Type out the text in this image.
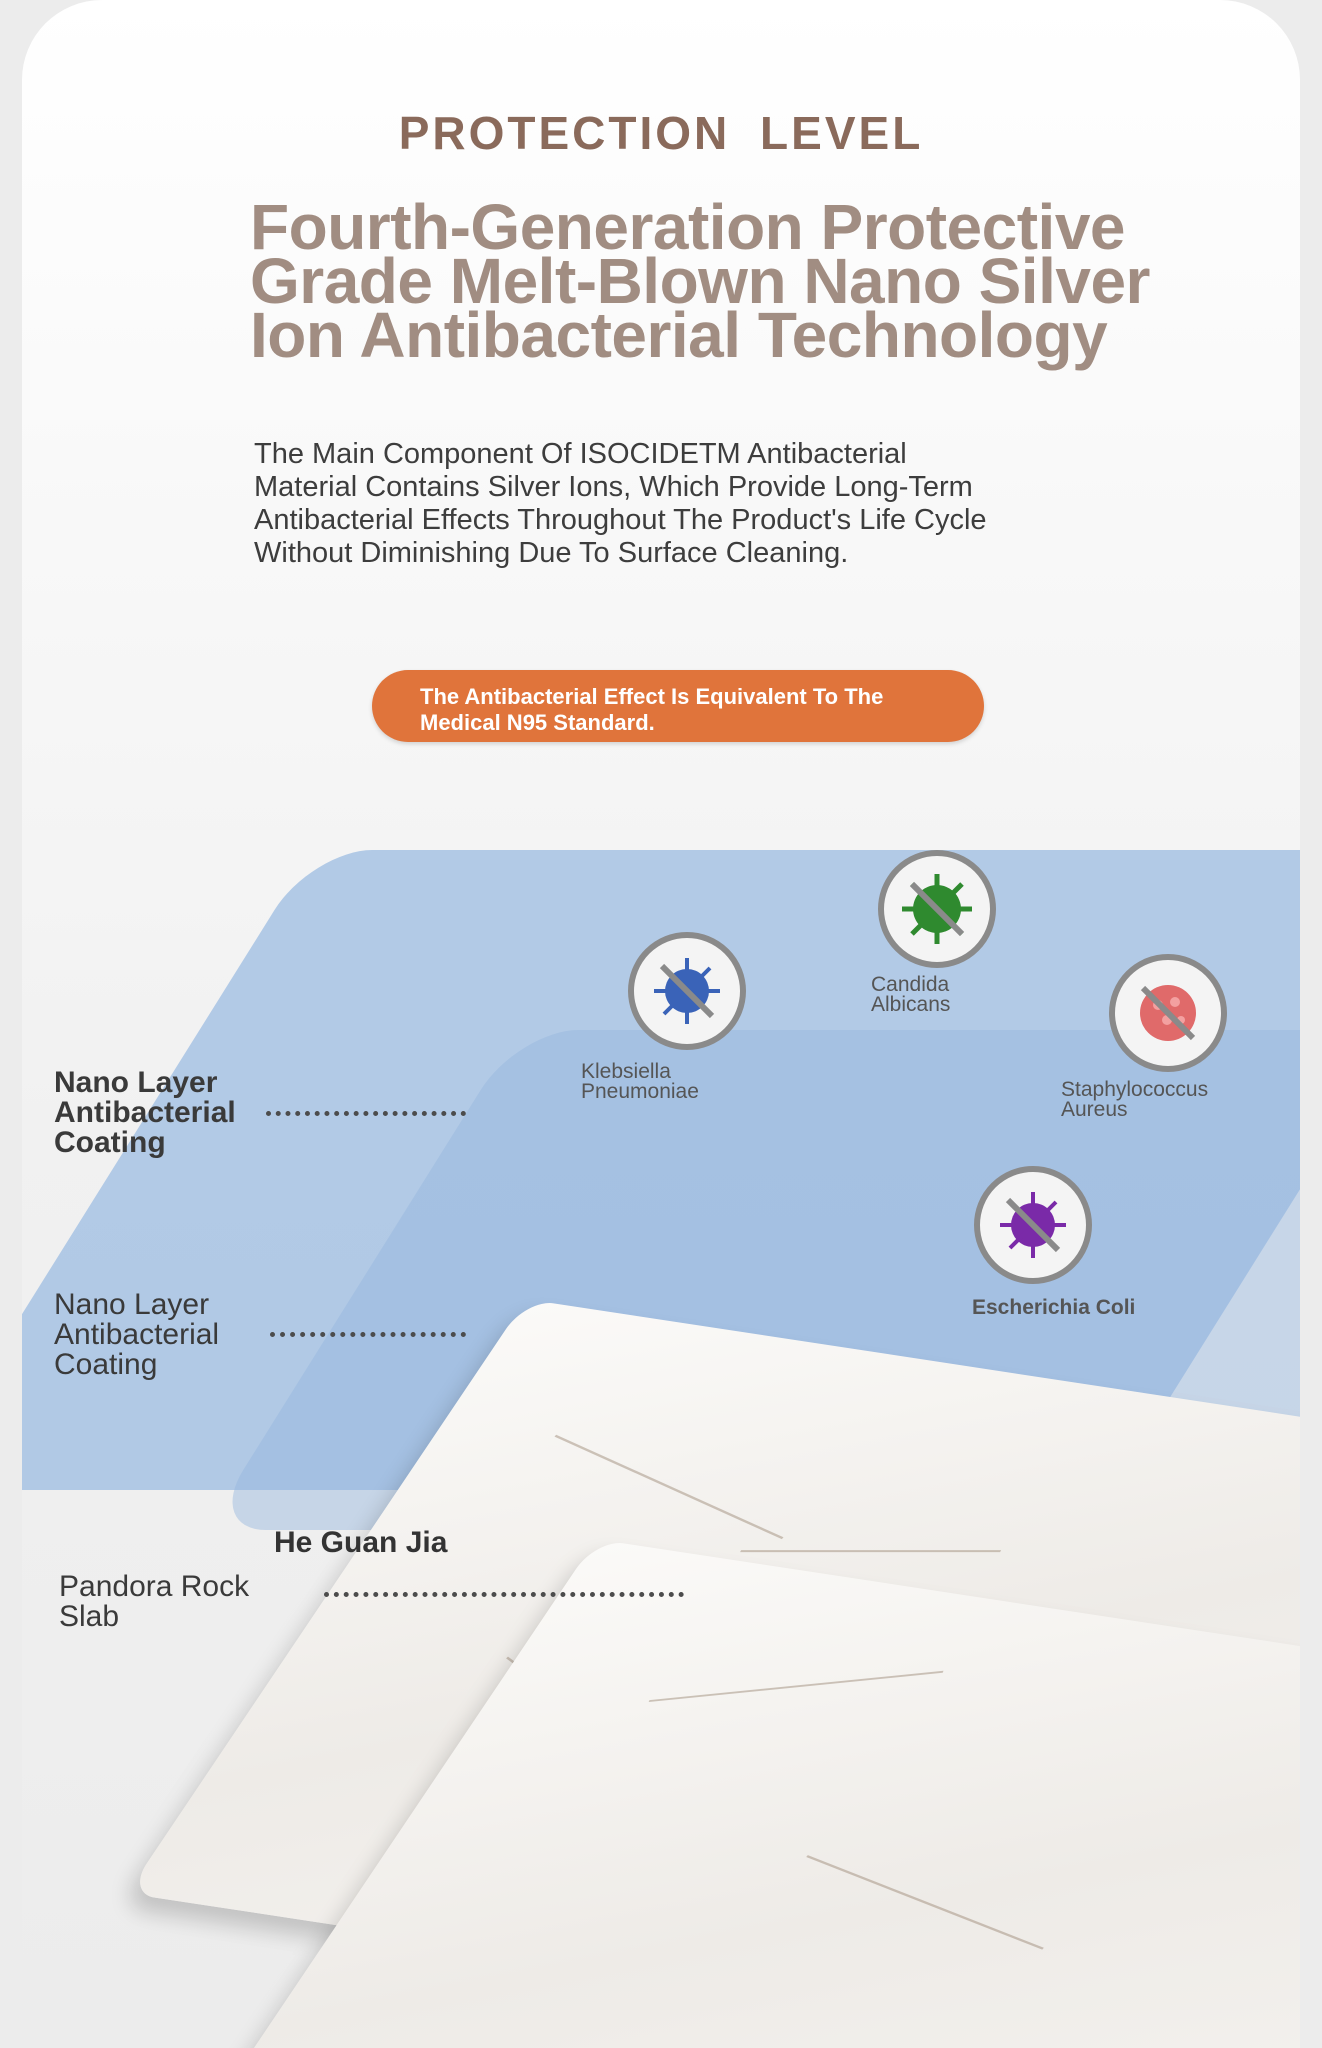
PROTECTION LEVEL
Fourth-Generation Protective Grade Melt-Blown Nano Silver Ion Antibacterial Technology
The Main Component Of ISOCIDETM Antibacterial Material Contains Silver Ions, Which Provide Long-Term Antibacterial Effects Throughout The Product's Life Cycle Without Diminishing Due To Surface Cleaning.
The Antibacterial Effect Is Equivalent To The Medical N95 Standard.
Klebsiella Pneumoniae
Candida Albicans
Staphylococcus Aureus
Escherichia Coli
Nano Layer Antibacterial Coating
Nano Layer Antibacterial Coating
He Guan Jia
Pandora Rock Slab
